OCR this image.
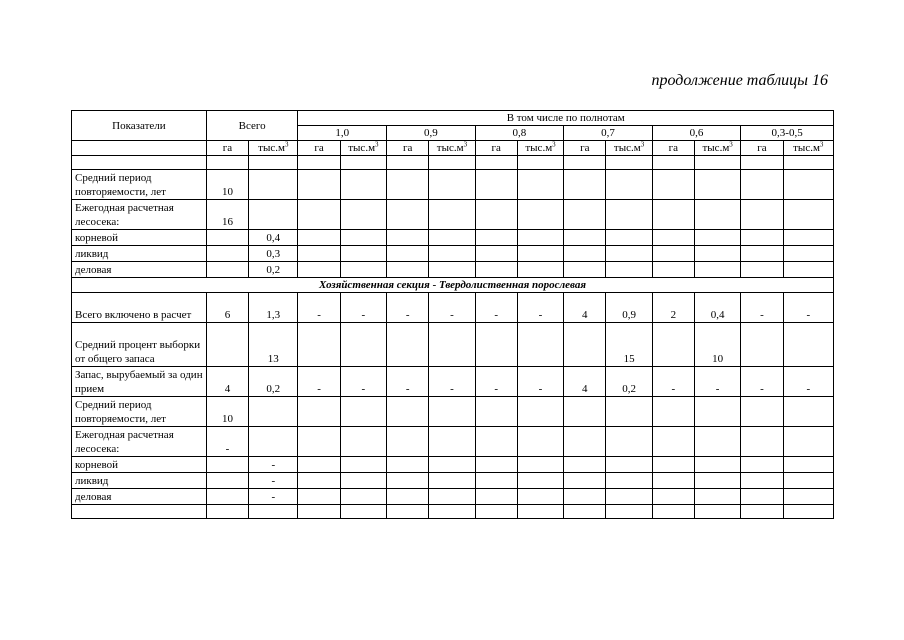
продолжение таблицы 16
Показатели	Всего		В том числе по полнотам											
			1,0		0,9		0,8		0,7		0,6		0,3-0,5	
	га	$тыс.м^3$	га	$тыс.м^3$	га	$тыс.м^3$	га	$тыс.м^3$	га	$тыс.м^3$	га	$тыс.м^3$	га	$тыс.м^3$

Средний период повторяемости, лет	10													
Ежегодная расчетная лесосека:	16													
корневой		0,4												
ликвид		0,3												
деловая		0,2												
Хозяйственная секция - Твердолиственная порослевая														
Всего включено в расчет	6	1,3	-	-	-	-	-	-	4	0,9	2	0,4	-	-
Средний процент выборки от общего запаса		13								15		10		
Запас, вырубаемый за один прием	4	0,2	-	-	-	-	-	-	4	0,2	-	-	-	-
Средний период повторяемости, лет	10													
Ежегодная расчетная лесосека:	-													
корневой		-												
ликвид		-												
деловая		-												
